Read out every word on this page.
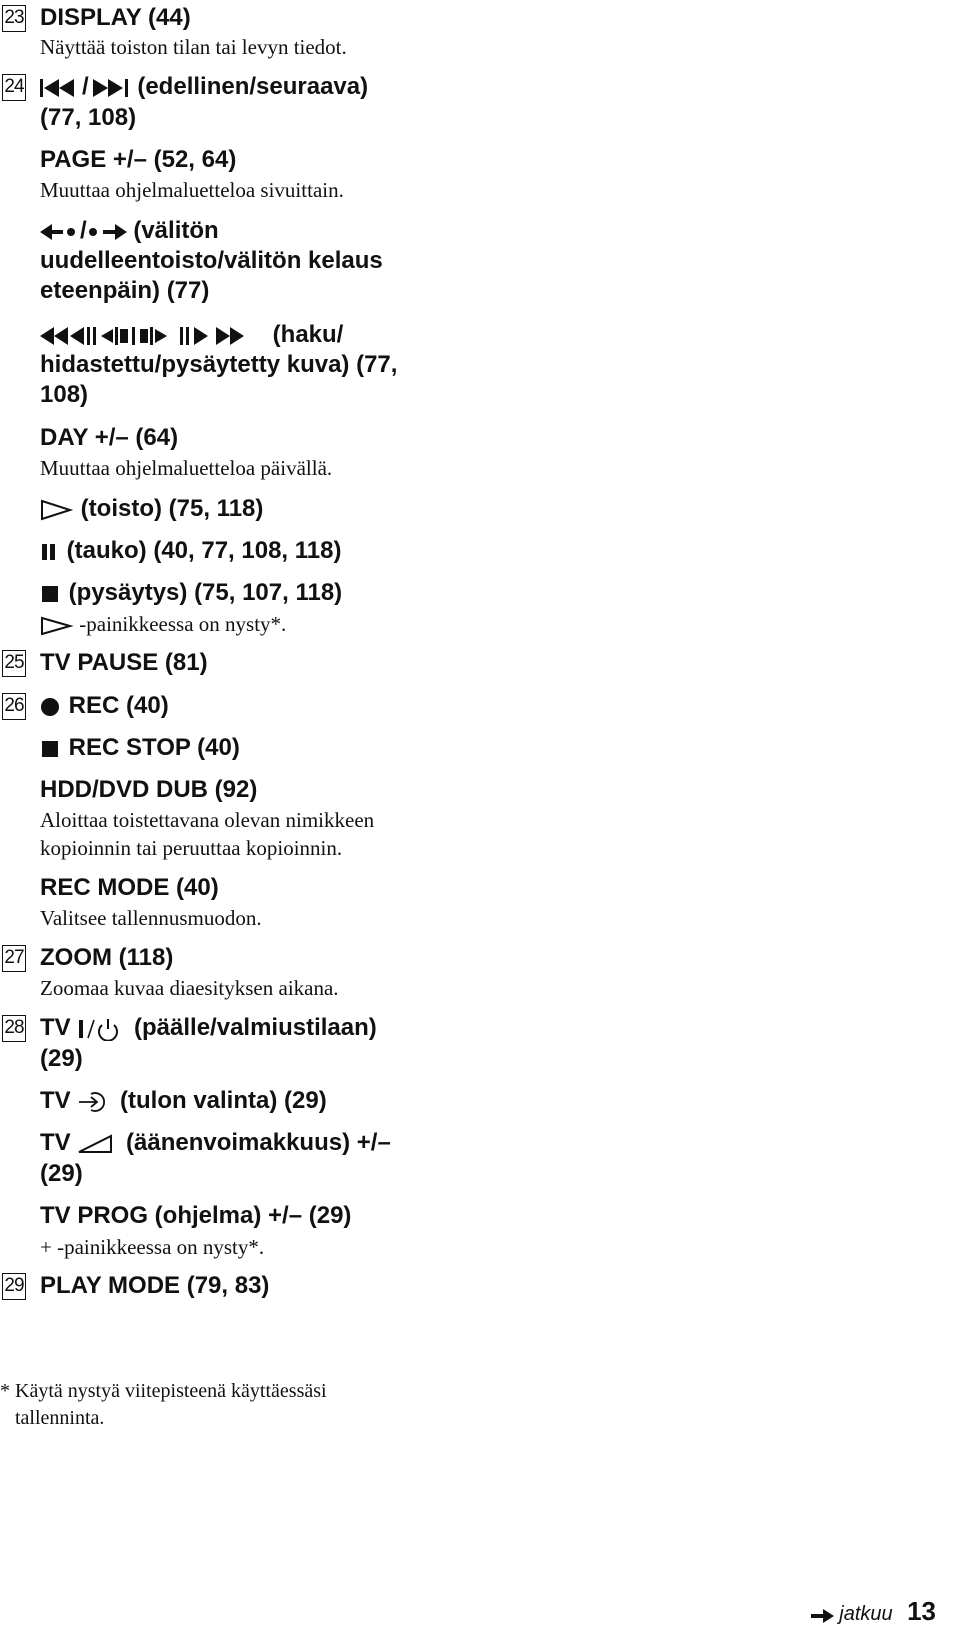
23 DISPLAY (44)
Näyttää toiston tilan tai levyn tiedot.
24	/ (edellinen/seuraava)
(77, 108)
PAGE +/– (52, 64)
Muuttaa ohjelmaluetteloa sivuittain.
/ (välitön
uudelleentoisto/välitön kelaus
eteenpäin) (77)
(haku/
hidastettu/pysäytetty kuva) (77,
108)
DAY +/– (64)
Muuttaa ohjelmaluetteloa päivällä.
(toisto) (75, 118)
(tauko) (40, 77, 108, 118)
(pysäytys) (75, 107, 118)
-painikkeessa on nysty*.
25 TV PAUSE (81)
26	REC (40)
REC STOP (40)
HDD/DVD DUB (92)
Aloittaa toistettavana olevan nimikkeen
kopioinnin tai peruuttaa kopioinnin.
REC MODE (40)
Valitsee tallennusmuodon.
27 ZOOM (118)
Zoomaa kuvaa diaesityksen aikana.
28 TV	(päälle/valmiustilaan)
(29)
TV (tulon valinta) (29)
TV (äänenvoimakkuus) +/–
(29)
TV PROG (ohjelma) +/– (29)
+ -painikkeessa on nysty*.
29 PLAY MODE (79, 83)
* Käytä nystyä viitepisteenä käyttäessäsi
tallenninta.
jatkuu 13
